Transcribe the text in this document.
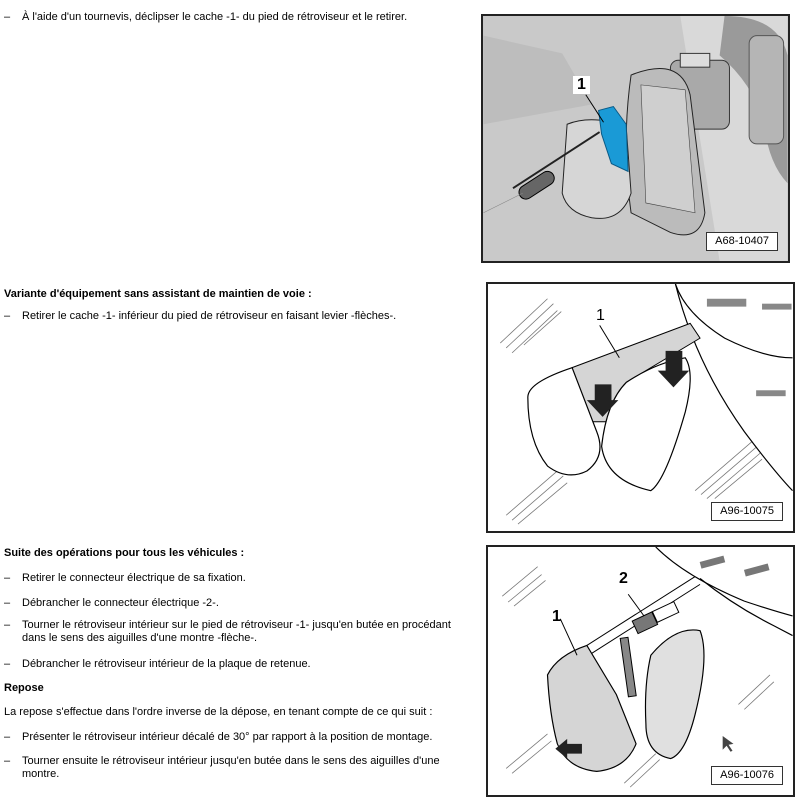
– À l'aide d'un tournevis, déclipser le cache -1- du pied de rétroviseur et le retirer.
Variante d'équipement sans assistant de maintien de voie :
– Retirer le cache -1- inférieur du pied de rétroviseur en faisant levier -flèches-.
Suite des opérations pour tous les véhicules :
– Retirer le connecteur électrique de sa fixation.
– Débrancher le connecteur électrique -2-.
– Tourner le rétroviseur intérieur sur le pied de rétroviseur -1- jusqu'en butée en procédant dans le sens des aiguilles d'une montre -flèche-.
– Débrancher le rétroviseur intérieur de la plaque de retenue.
Repose
La repose s'effectue dans l'ordre inverse de la dépose, en tenant compte de ce qui suit :
– Présenter le rétroviseur intérieur décalé de 30° par rapport à la position de montage.
– Tourner ensuite le rétroviseur intérieur jusqu'en butée dans le sens des aiguilles d'une montre.
1
A68-10407
1
A96-10075
1
2
A96-10076
